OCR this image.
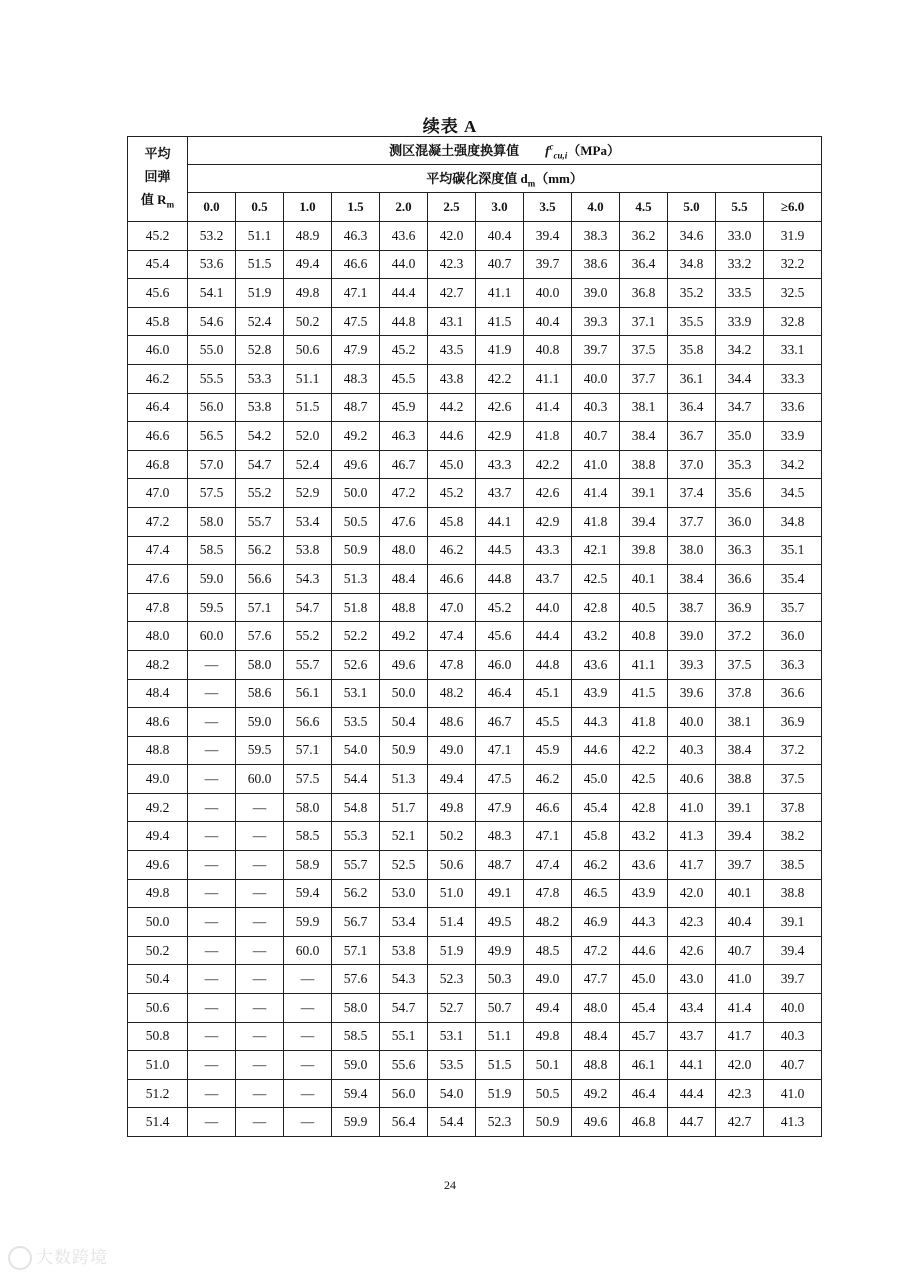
续表 A
平均
回弹
值 $R_m$	测区混凝土强度换算值 $f^c_{cu,i}(MPa)$												
	平均碳化深度值 $d_m(mm)$												
	0.0	0.5	1.0	1.5	2.0	2.5	3.0	3.5	4.0	4.5	5.0	5.5	≥6.0
45.2	53.2	51.1	48.9	46.3	43.6	42.0	40.4	39.4	38.3	36.2	34.6	33.0	31.9
45.4	53.6	51.5	49.4	46.6	44.0	42.3	40.7	39.7	38.6	36.4	34.8	33.2	32.2
45.6	54.1	51.9	49.8	47.1	44.4	42.7	41.1	40.0	39.0	36.8	35.2	33.5	32.5
45.8	54.6	52.4	50.2	47.5	44.8	43.1	41.5	40.4	39.3	37.1	35.5	33.9	32.8
46.0	55.0	52.8	50.6	47.9	45.2	43.5	41.9	40.8	39.7	37.5	35.8	34.2	33.1
46.2	55.5	53.3	51.1	48.3	45.5	43.8	42.2	41.1	40.0	37.7	36.1	34.4	33.3
46.4	56.0	53.8	51.5	48.7	45.9	44.2	42.6	41.4	40.3	38.1	36.4	34.7	33.6
46.6	56.5	54.2	52.0	49.2	46.3	44.6	42.9	41.8	40.7	38.4	36.7	35.0	33.9
46.8	57.0	54.7	52.4	49.6	46.7	45.0	43.3	42.2	41.0	38.8	37.0	35.3	34.2
47.0	57.5	55.2	52.9	50.0	47.2	45.2	43.7	42.6	41.4	39.1	37.4	35.6	34.5
47.2	58.0	55.7	53.4	50.5	47.6	45.8	44.1	42.9	41.8	39.4	37.7	36.0	34.8
47.4	58.5	56.2	53.8	50.9	48.0	46.2	44.5	43.3	42.1	39.8	38.0	36.3	35.1
47.6	59.0	56.6	54.3	51.3	48.4	46.6	44.8	43.7	42.5	40.1	38.4	36.6	35.4
47.8	59.5	57.1	54.7	51.8	48.8	47.0	45.2	44.0	42.8	40.5	38.7	36.9	35.7
48.0	60.0	57.6	55.2	52.2	49.2	47.4	45.6	44.4	43.2	40.8	39.0	37.2	36.0
48.2	—	58.0	55.7	52.6	49.6	47.8	46.0	44.8	43.6	41.1	39.3	37.5	36.3
48.4	—	58.6	56.1	53.1	50.0	48.2	46.4	45.1	43.9	41.5	39.6	37.8	36.6
48.6	—	59.0	56.6	53.5	50.4	48.6	46.7	45.5	44.3	41.8	40.0	38.1	36.9
48.8	—	59.5	57.1	54.0	50.9	49.0	47.1	45.9	44.6	42.2	40.3	38.4	37.2
49.0	—	60.0	57.5	54.4	51.3	49.4	47.5	46.2	45.0	42.5	40.6	38.8	37.5
49.2	—	—	58.0	54.8	51.7	49.8	47.9	46.6	45.4	42.8	41.0	39.1	37.8
49.4	—	—	58.5	55.3	52.1	50.2	48.3	47.1	45.8	43.2	41.3	39.4	38.2
49.6	—	—	58.9	55.7	52.5	50.6	48.7	47.4	46.2	43.6	41.7	39.7	38.5
49.8	—	—	59.4	56.2	53.0	51.0	49.1	47.8	46.5	43.9	42.0	40.1	38.8
50.0	—	—	59.9	56.7	53.4	51.4	49.5	48.2	46.9	44.3	42.3	40.4	39.1
50.2	—	—	60.0	57.1	53.8	51.9	49.9	48.5	47.2	44.6	42.6	40.7	39.4
50.4	—	—	—	57.6	54.3	52.3	50.3	49.0	47.7	45.0	43.0	41.0	39.7
50.6	—	—	—	58.0	54.7	52.7	50.7	49.4	48.0	45.4	43.4	41.4	40.0
50.8	—	—	—	58.5	55.1	53.1	51.1	49.8	48.4	45.7	43.7	41.7	40.3
51.0	—	—	—	59.0	55.6	53.5	51.5	50.1	48.8	46.1	44.1	42.0	40.7
51.2	—	—	—	59.4	56.0	54.0	51.9	50.5	49.2	46.4	44.4	42.3	41.0
51.4	—	—	—	59.9	56.4	54.4	52.3	50.9	49.6	46.8	44.7	42.7	41.3
24
大数跨境
